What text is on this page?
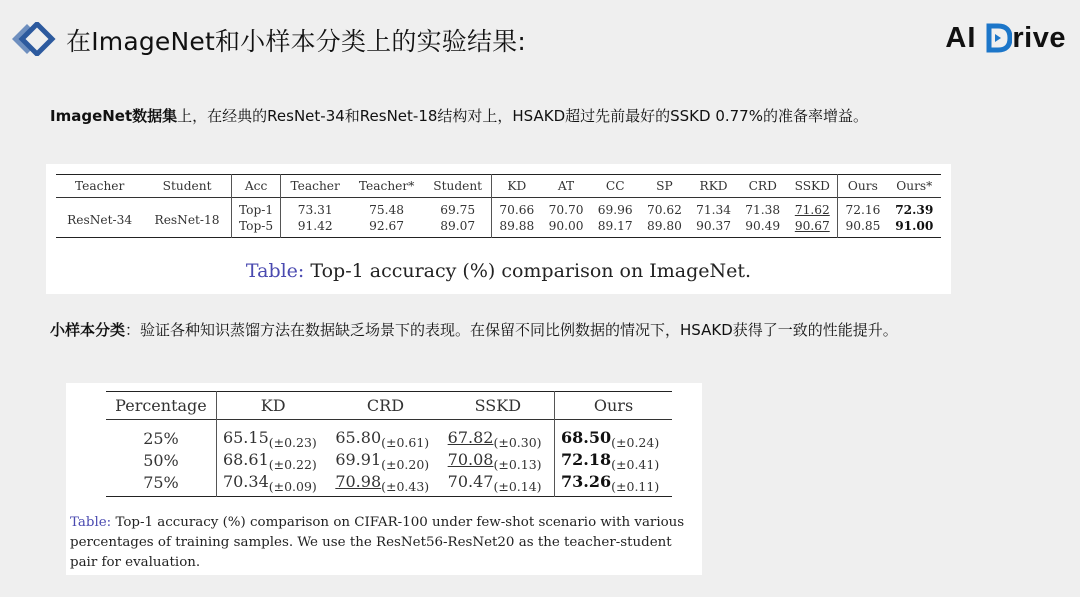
在ImageNet和小样本分类上的实验结果:	AI rive
ImageNet数据集上，在经典的ResNet-34和ResNet-18结构对上，HSAKD超过先前最好的SSKD 0.77%的准备率增益。
Teacher	Student	Acc	Teacher	Teacher*	Student	KD	AT	CC	SP	RKD	CRD	SSKD	Ours	Ours*
ResNet-34	ResNet-18	Top-1	73.31	75.48	69.75	70.66	70.70	69.96	70.62	71.34	71.38	71.62	72.16	72.39
		Top-5	91.42	92.67	89.07	89.88	90.00	89.17	89.80	90.37	90.49	90.67	90.85	91.00
Table: Top-1 accuracy (%) comparison on ImageNet.
小样本分类：验证各种知识蒸馏方法在数据缺乏场景下的表现。在保留不同比例数据的情况下，HSAKD获得了一致的性能提升。
Percentage	KD	CRD	SSKD	Ours
25%	$65.15_{(\pm 0.23)}$	$65.80_{(\pm 0.61)}$	$67.82_{(\pm 0.30)}$	$68.50_{(\pm 0.24)}$
50%	$68.61_{(\pm 0.22)}$	$69.91_{(\pm 0.20)}$	$70.08_{(\pm 0.13)}$	$72.18_{(\pm 0.41)}$
75%	$70.34_{(\pm 0.09)}$	$70.98_{(\pm 0.43)}$	$70.47_{(\pm 0.14)}$	$73.26_{(\pm 0.11)}$
Table: Top-1 accuracy (%) comparison on CIFAR-100 under few-shot scenario with various percentages of training samples. We use the ResNet56-ResNet20 as the teacher-student pair for evaluation.
